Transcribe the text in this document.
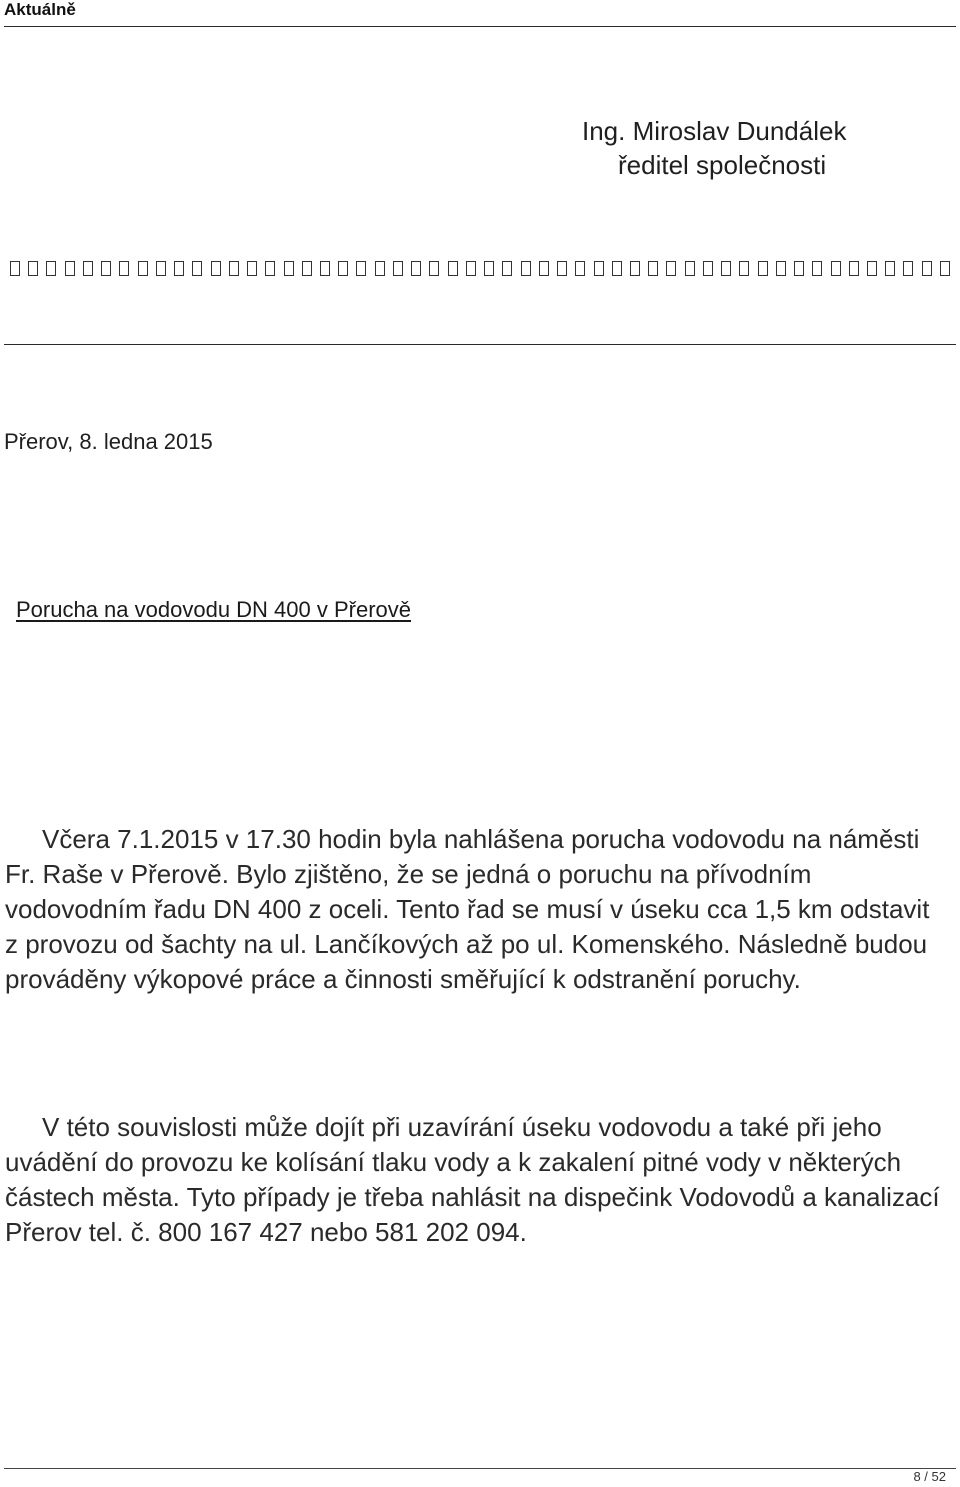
Aktuálně
Ing. Miroslav Dundálek
ředitel společnosti
Přerov, 8. ledna 2015
Porucha na vodovodu DN 400 v Přerově

Včera 7.1.2015 v 17.30 hodin byla nahlášena porucha vodovodu na náměsti Fr. Raše v Přerově. Bylo zjištěno, že se jedná o poruchu na přívodním vodovodním řadu DN 400 z oceli. Tento řad se musí v úseku cca 1,5 km odstavit z provozu od šachty na ul. Lančíkových až po ul. Komenského. Následně budou prováděny výkopové práce a činnosti směřující k odstranění poruchy.

V této souvislosti může dojít při uzavírání úseku vodovodu a také při jeho uvádění do provozu ke kolísání tlaku vody a k zakalení pitné vody v některých částech města. Tyto případy je třeba nahlásit na dispečink Vodovodů a kanalizací Přerov tel. č. 800 167 427 nebo 581 202 094.

8 / 52
